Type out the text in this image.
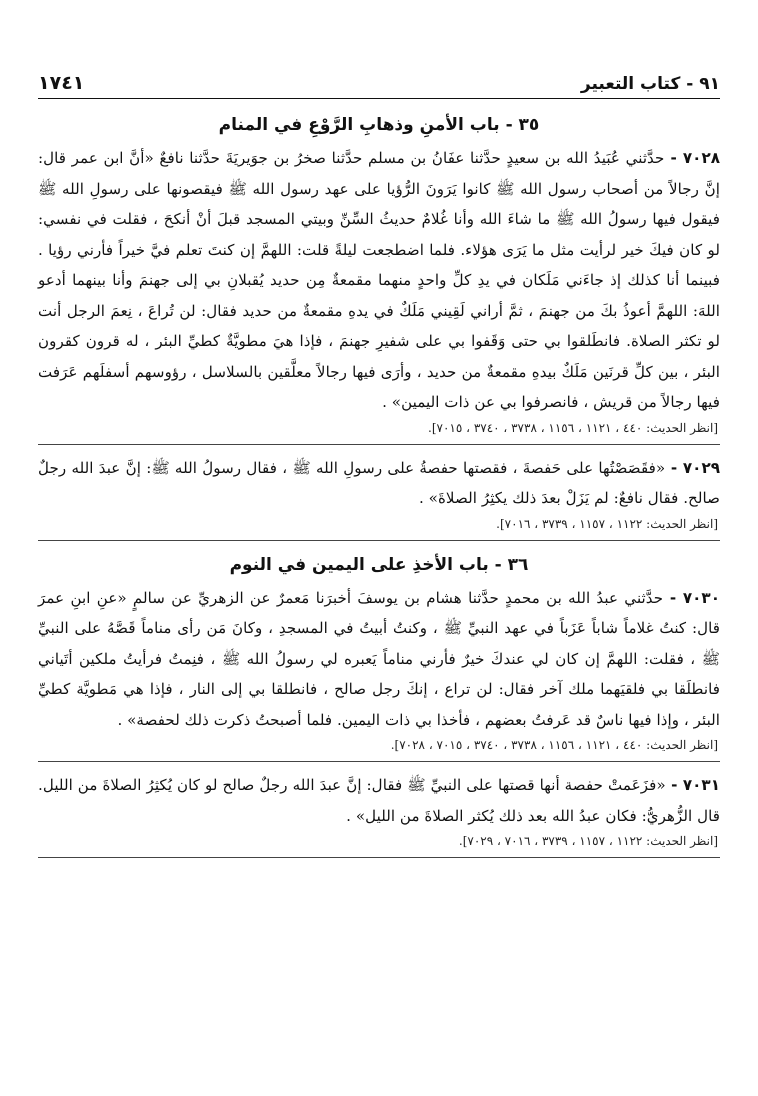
٩١ - كتاب التعبير
١٧٤١
٣٥ - باب الأمنِ وذهابِ الرَّوْعِ في المنام

٧٠٢٨ - حدَّثني عُبَيدُ الله بن سعيدٍ حدَّثنا عفَانُ بن مسلم حدَّثنا صخرُ بن جوَيريَةَ حدَّثنا نافعٌ «أنَّ ابن عمر قال: إنَّ رجالاً من أصحاب رسول الله ﷺ كانوا يَرَونَ الرُّؤيا على عهد رسول الله ﷺ فيقصونها على رسولِ الله ﷺ فيقول فيها رسولُ الله ﷺ ما شاءَ الله وأنا غُلامٌ حديثُ السِّنِّ وبيتي المسجد قبلَ أنْ أنكحَ ، فقلت في نفسي: لو كان فيكَ خير لرأيت مثل ما يَرَى هؤلاء. فلما اضطجعت ليلةً قلت: اللهمَّ إن كنتَ تعلم فيَّ خيراً فأرني رؤيا . فبينما أنا كذلك إذ جاءَني مَلَكان في يدِ كلِّ واحدٍ منهما مقمعةٌ مِن حديد يُقبلانِ بي إلى جهنمَ وأنا بينهما أدعو اللهَ: اللهمَّ أعوذُ بكَ من جهنمَ ، ثمَّ أراني لَقِيني مَلَكٌ في يدهِ مقمعةٌ من حديد فقال: لن تُراعَ ، نِعمَ الرجل أنت لو تكثر الصلاة. فانطَلقوا بي حتى وَقَفوا بي على شفيرِ جهنمَ ، فإذا هيَ مطويَّةٌ كطيِّ البئر ، له قرون كقرون البئر ، بين كلِّ قرنَين مَلَكٌ بيدهِ مقمعةٌ من حديد ، وأرَى فيها رجالاً معلَّقين بالسلاسل ، رؤوسهم أسفلَهم عَرَفت فيها رجالاً من قريش ، فانصرفوا بي عن ذات اليمين» .

[انظر الحديث: ٤٤٠ ، ١١٢١ ، ١١٥٦ ، ٣٧٣٨ ، ٣٧٤٠ ، ٧٠١٥].

٧٠٢٩ - «فقَصَصْتُها على حَفصةَ ، فقصتها حفصةُ على رسولِ الله ﷺ ، فقال رسولُ الله ﷺ: إنَّ عبدَ الله رجلٌ صالح. فقال نافعٌ: لم يَزَلْ بعدَ ذلك يكثِرُ الصلاةَ» .

[انظر الحديث: ١١٢٢ ، ١١٥٧ ، ٣٧٣٩ ، ٧٠١٦].
٣٦ - باب الأخذِ على اليمين في النوم

٧٠٣٠ - حدَّثني عبدُ الله بن محمدٍ حدَّثنا هشام بن يوسفَ أخبرَنا مَعمرٌ عن الزهريِّ عن سالمٍ «عنِ ابنِ عمرَ قال: كنتُ غلاماً شاباً عَزَباً في عهد النبيِّ ﷺ ، وكنتُ أبيتُ في المسجدِ ، وكانَ مَن رأى مناماً قَصَّهُ على النبيِّ ﷺ ، فقلت: اللهمَّ إن كان لي عندكَ خيرٌ فأرني مناماً يَعبره لي رسولُ الله ﷺ ، فنِمتُ فرأيتُ ملكين أتَياني فانطلَقا بي فلقيَهما ملك آخر فقال: لن تراع ، إنكَ رجل صالح ، فانطلقا بي إلى النار ، فإذا هي مَطويَّة كطيِّ البئر ، وإذا فيها ناسٌ قد عَرفتُ بعضهم ، فأخذا بي ذات اليمين. فلما أصبحتُ ذكرت ذلك لحفصة» .

[انظر الحديث: ٤٤٠ ، ١١٢١ ، ١١٥٦ ، ٣٧٣٨ ، ٣٧٤٠ ، ٧٠١٥ ، ٧٠٢٨].

٧٠٣١ - «فزَعَمتْ حفصة أنها قصتها على النبيِّ ﷺ فقال: إنَّ عبدَ الله رجلٌ صالح لو كان يُكثِرُ الصلاةَ من الليل. قال الزُّهريُّ: فكان عبدُ الله بعد ذلك يُكثر الصلاةَ من الليل» .

[انظر الحديث: ١١٢٢ ، ١١٥٧ ، ٣٧٣٩ ، ٧٠١٦ ، ٧٠٢٩].
